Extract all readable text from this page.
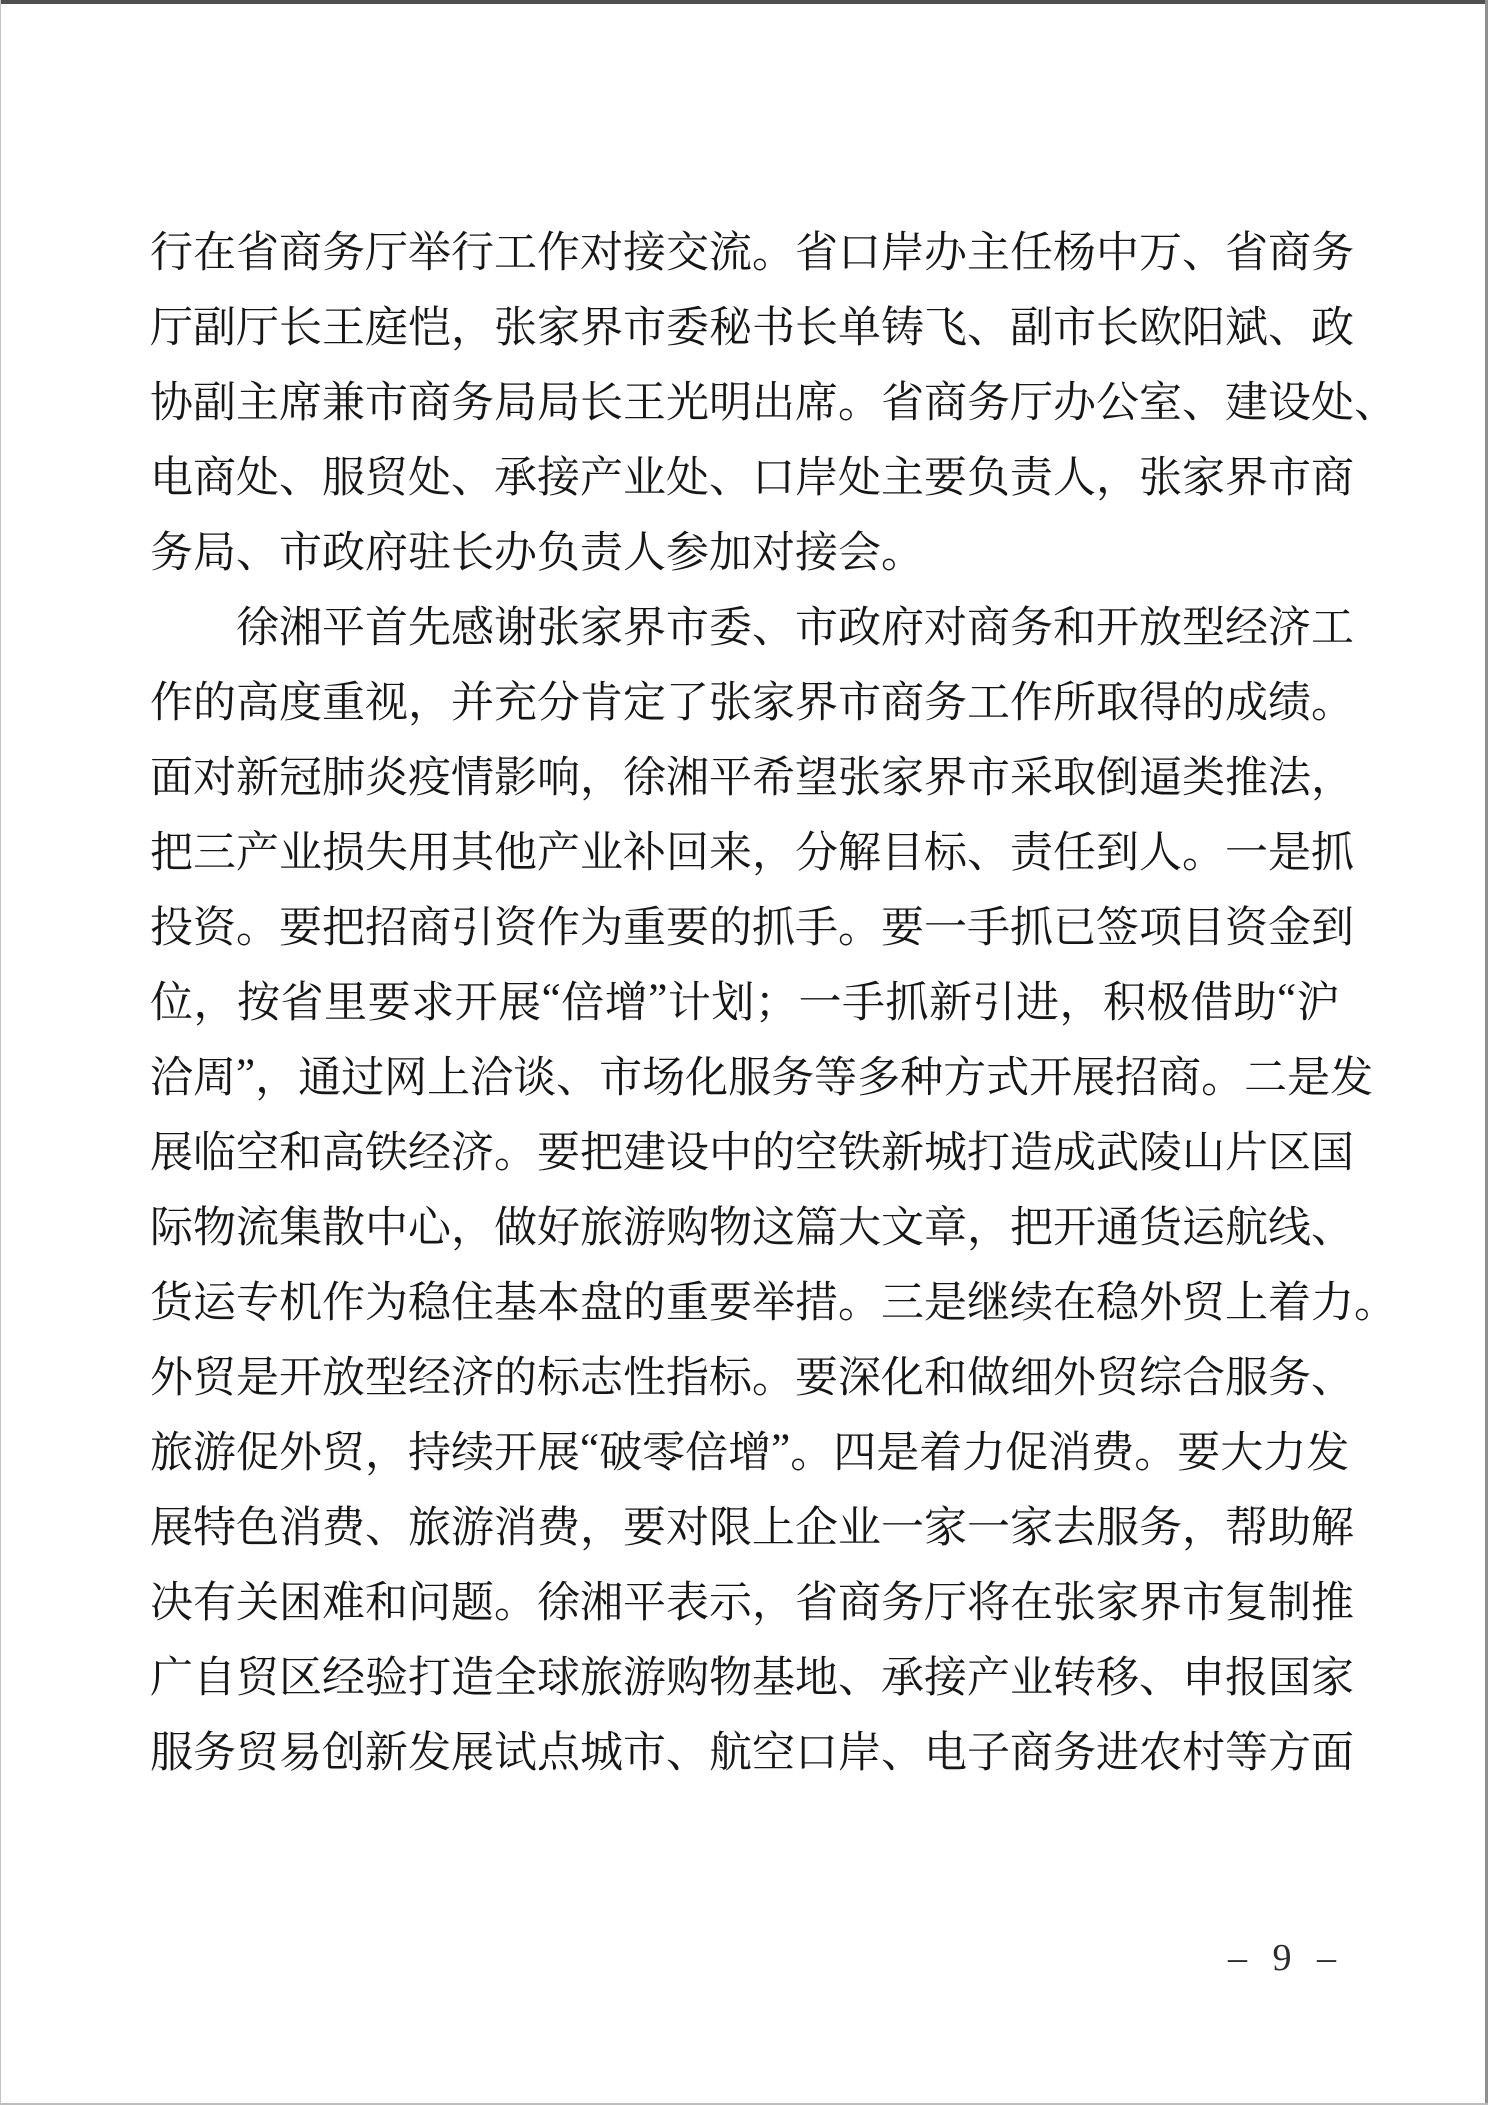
行 在 省 商 务 厅 举 行 工 作 对 接 交 流 。 省 口 岸 办 主 任 杨 中 万 、 省 商 务
厅 副 厅 长 王 庭 恺 ， 张 家 界 市 委 秘 书 长 单 铸 飞 、 副 市 长 欧 阳 斌 、 政
协 副 主 席 兼 市 商 务 局 局 长 王 光 明 出 席 。 省 商 务 厅 办 公 室 、 建 设 处 、
电 商 处 、 服 贸 处 、 承 接 产 业 处 、 口 岸 处 主 要 负 责 人 ， 张 家 界 市 商
务 局 、 市 政 府 驻 长 办 负 责 人 参 加 对 接 会 。
徐 湘 平 首 先 感 谢 张 家 界 市 委 、 市 政 府 对 商 务 和 开 放 型 经 济 工
作 的 高 度 重 视 ， 并 充 分 肯 定 了 张 家 界 市 商 务 工 作 所 取 得 的 成 绩 。
面 对 新 冠 肺 炎 疫 情 影 响 ， 徐 湘 平 希 望 张 家 界 市 采 取 倒 逼 类 推 法 ，
把 三 产 业 损 失 用 其 他 产 业 补 回 来 ， 分 解 目 标 、 责 任 到 人 。 一 是 抓
投 资 。 要 把 招 商 引 资 作 为 重 要 的 抓 手 。 要 一 手 抓 已 签 项 目 资 金 到
位 ， 按 省 里 要 求 开 展 “ 倍 增 ” 计 划 ； 一 手 抓 新 引 进 ， 积 极 借 助 “ 沪
洽 周 ” ， 通 过 网 上 洽 谈 、 市 场 化 服 务 等 多 种 方 式 开 展 招 商 。 二 是 发
展 临 空 和 高 铁 经 济 。 要 把 建 设 中 的 空 铁 新 城 打 造 成 武 陵 山 片 区 国
际 物 流 集 散 中 心 ， 做 好 旅 游 购 物 这 篇 大 文 章 ， 把 开 通 货 运 航 线 、
货 运 专 机 作 为 稳 住 基 本 盘 的 重 要 举 措 。 三 是 继 续 在 稳 外 贸 上 着 力 。
外 贸 是 开 放 型 经 济 的 标 志 性 指 标 。 要 深 化 和 做 细 外 贸 综 合 服 务 、
旅 游 促 外 贸 ， 持 续 开 展 “ 破 零 倍 增 ” 。 四 是 着 力 促 消 费 。 要 大 力 发
展 特 色 消 费 、 旅 游 消 费 ， 要 对 限 上 企 业 一 家 一 家 去 服 务 ， 帮 助 解
决 有 关 困 难 和 问 题 。 徐 湘 平 表 示 ， 省 商 务 厅 将 在 张 家 界 市 复 制 推
广 自 贸 区 经 验 打 造 全 球 旅 游 购 物 基 地 、 承 接 产 业 转 移 、 申 报 国 家
服 务 贸 易 创 新 发 展 试 点 城 市 、 航 空 口 岸 、 电 子 商 务 进 农 村 等 方 面
– 9 –
